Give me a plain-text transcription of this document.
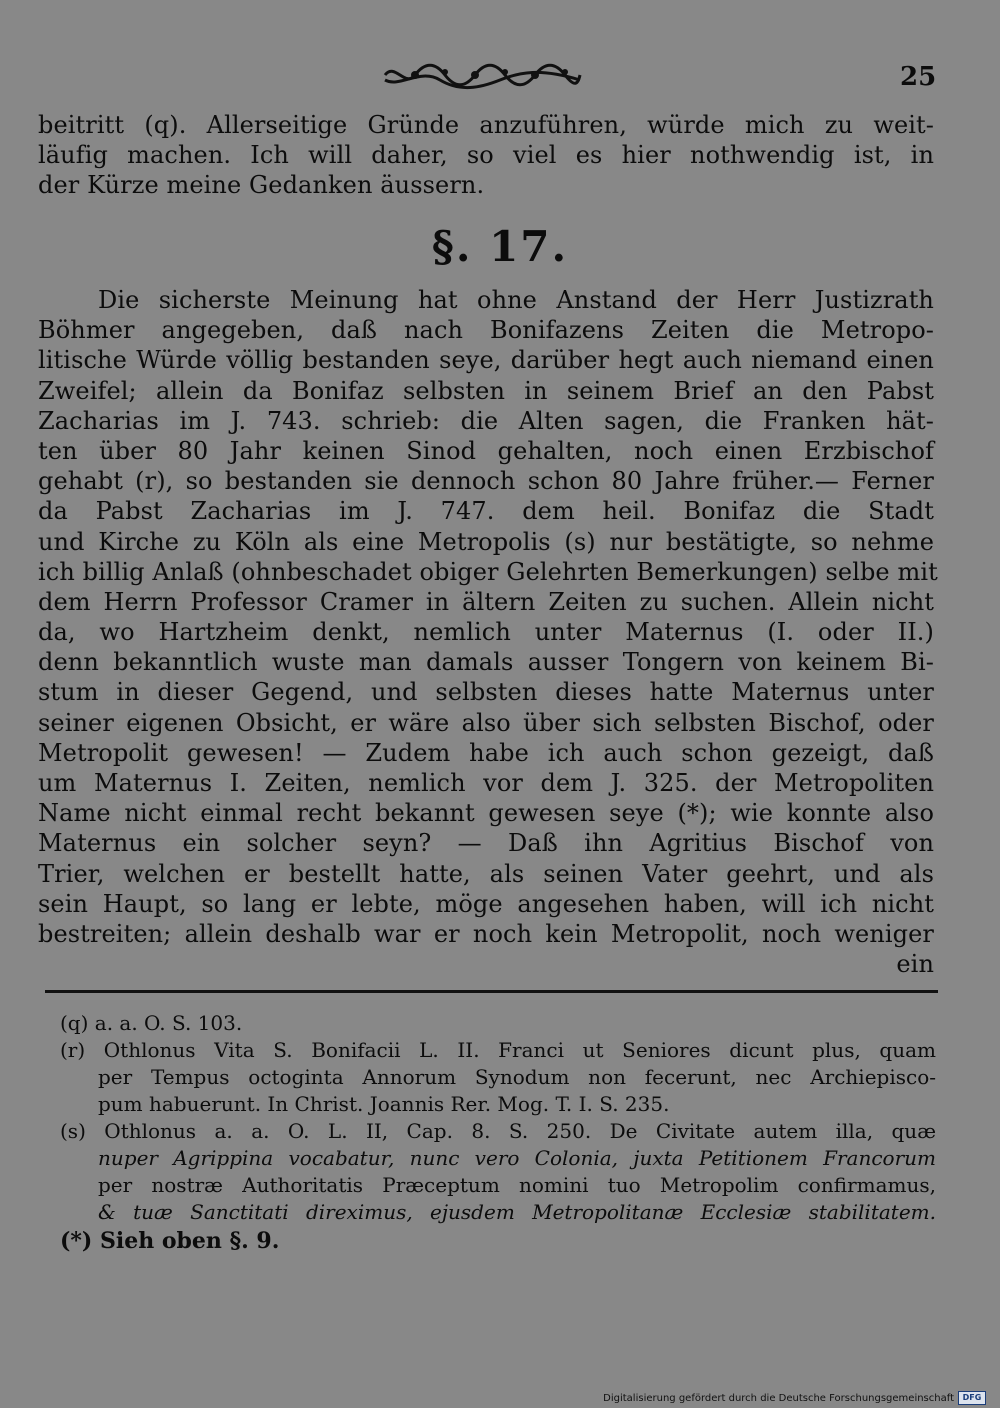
25
beitritt (q). Allerseitige Gründe anzuführen, würde mich zu weit-
läufig machen. Ich will daher, so viel es hier nothwendig ist, in
der Kürze meine Gedanken äussern.
§. 17.
Die sicherste Meinung hat ohne Anstand der Herr Justizrath
Böhmer angegeben, daß nach Bonifazens Zeiten die Metropo-
litische Würde völlig bestanden seye, darüber hegt auch niemand einen
Zweifel; allein da Bonifaz selbsten in seinem Brief an den Pabst
Zacharias im J. 743. schrieb: die Alten sagen, die Franken hät-
ten über 80 Jahr keinen Sinod gehalten, noch einen Erzbischof
gehabt (r), so bestanden sie dennoch schon 80 Jahre früher.— Ferner
da Pabst Zacharias im J. 747. dem heil. Bonifaz die Stadt
und Kirche zu Köln als eine Metropolis (s) nur bestätigte, so nehme
ich billig Anlaß (ohnbeschadet obiger Gelehrten Bemerkungen) selbe mit
dem Herrn Professor Cramer in ältern Zeiten zu suchen. Allein nicht
da, wo Hartzheim denkt, nemlich unter Maternus (I. oder II.)
denn bekanntlich wuste man damals ausser Tongern von keinem Bi-
stum in dieser Gegend, und selbsten dieses hatte Maternus unter
seiner eigenen Obsicht, er wäre also über sich selbsten Bischof, oder
Metropolit gewesen! — Zudem habe ich auch schon gezeigt, daß
um Maternus I. Zeiten, nemlich vor dem J. 325. der Metropoliten
Name nicht einmal recht bekannt gewesen seye (*); wie konnte also
Maternus ein solcher seyn? — Daß ihn Agritius Bischof von
Trier, welchen er bestellt hatte, als seinen Vater geehrt, und als
sein Haupt, so lang er lebte, möge angesehen haben, will ich nicht
bestreiten; allein deshalb war er noch kein Metropolit, noch weniger
ein
(q) a. a. O. S. 103.
(r) Othlonus Vita S. Bonifacii L. II. Franci ut Seniores dicunt plus, quam
per Tempus octoginta Annorum Synodum non fecerunt, nec Archiepisco-
pum habuerunt. In Christ. Joannis Rer. Mog. T. I. S. 235.
(s) Othlonus a. a. O. L. II, Cap. 8. S. 250. De Civitate autem illa, quæ
nuper Agrippina vocabatur, nunc vero Colonia, juxta Petitionem Francorum
per nostræ Authoritatis Præceptum nomini tuo Metropolim confirmamus,
& tuæ Sanctitati direximus, ejusdem Metropolitanæ Ecclesiæ stabilitatem.
(*) Sieh oben §. 9.
Digitalisierung gefördert durch die Deutsche Forschungsgemeinschaft	DFG
